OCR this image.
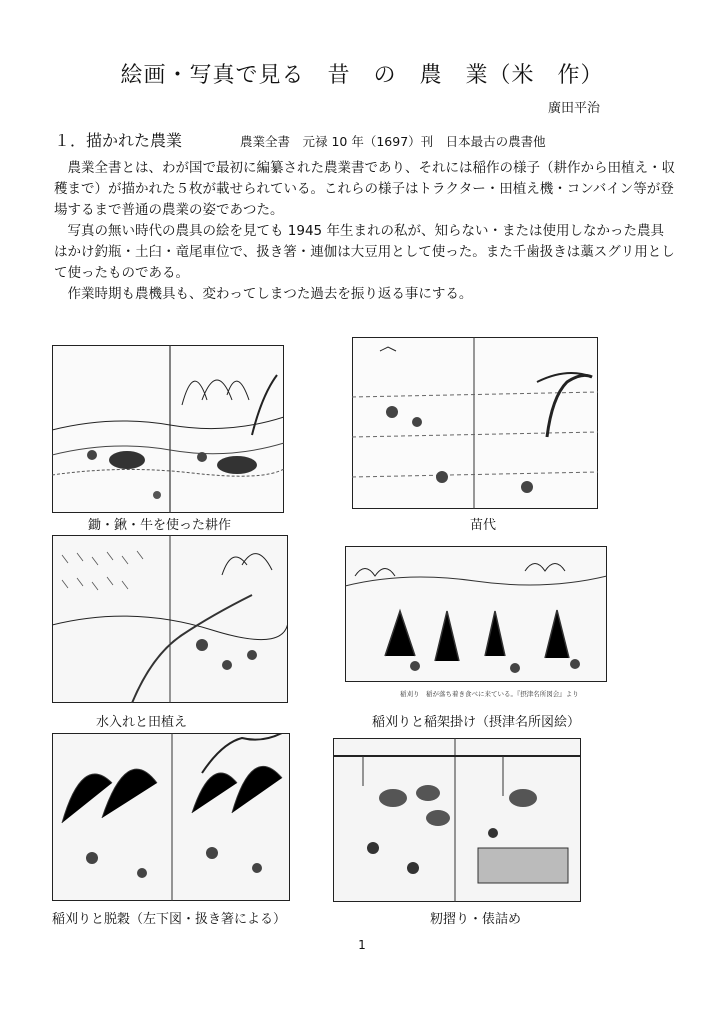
絵画・写真で見る　昔　の　農　業（米　作）
廣田平治
１．描かれた農業	農業全書　元禄 10 年（1697）刊　日本最古の農書他

農業全書とは、わが国で最初に編纂された農業書であり、それには稲作の様子（耕作から田植え・収穫まで）が描かれた５枚が載せられている。これらの様子はトラクター・田植え機・コンバイン等が登場するまで普通の農業の姿であつた。

写真の無い時代の農具の絵を見ても 1945 年生まれの私が、知らない・または使用しなかった農具はかけ釣瓶・土臼・竜尾車位で、扱き箸・連伽は大豆用として使った。また千歯扱きは藁スグリ用として使ったものである。

作業時期も農機具も、変わってしまつた過去を振り返る事にする。

鋤・鍬・牛を使った耕作	苗代
水入れと田植え
稲刈り　稲が落ち着き食べに来ている。『摂津名所図会』より
稲刈りと稲架掛け（摂津名所図絵）
稲刈りと脱穀（左下図・扱き箸による）	籾摺り・俵詰め
1
